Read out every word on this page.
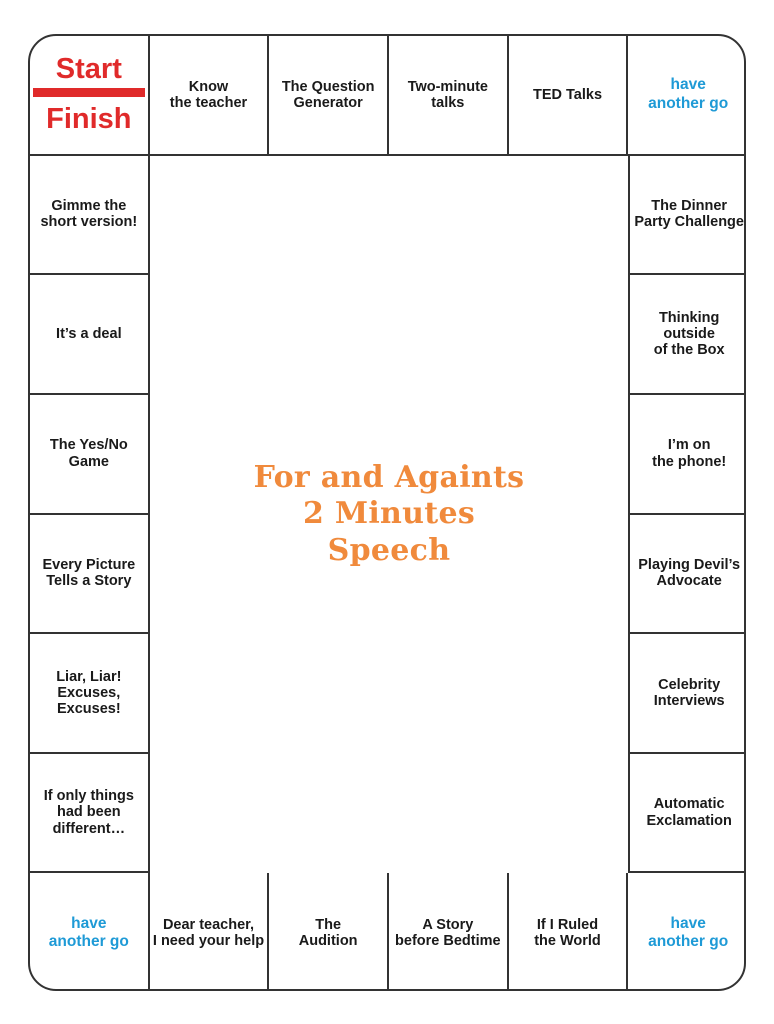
Start
Finish
Know
the teacher
The Question
Generator
Two-minute
talks
TED Talks
have
another go
Gimme the
short version!
It’s a deal
The Yes/No
Game
Every Picture
Tells a Story
Liar, Liar!
Excuses,
Excuses!
If only things
had been
different…
The Dinner
Party Challenge
Thinking outside
of the Box
I’m on
the phone!
Playing Devil’s
Advocate
Celebrity
Interviews
Automatic
Exclamation
have
another go
Dear teacher,
I need your help
The
Audition
A Story
before Bedtime
If I Ruled
the World
have
another go
For and Againts
2 Minutes
Speech
